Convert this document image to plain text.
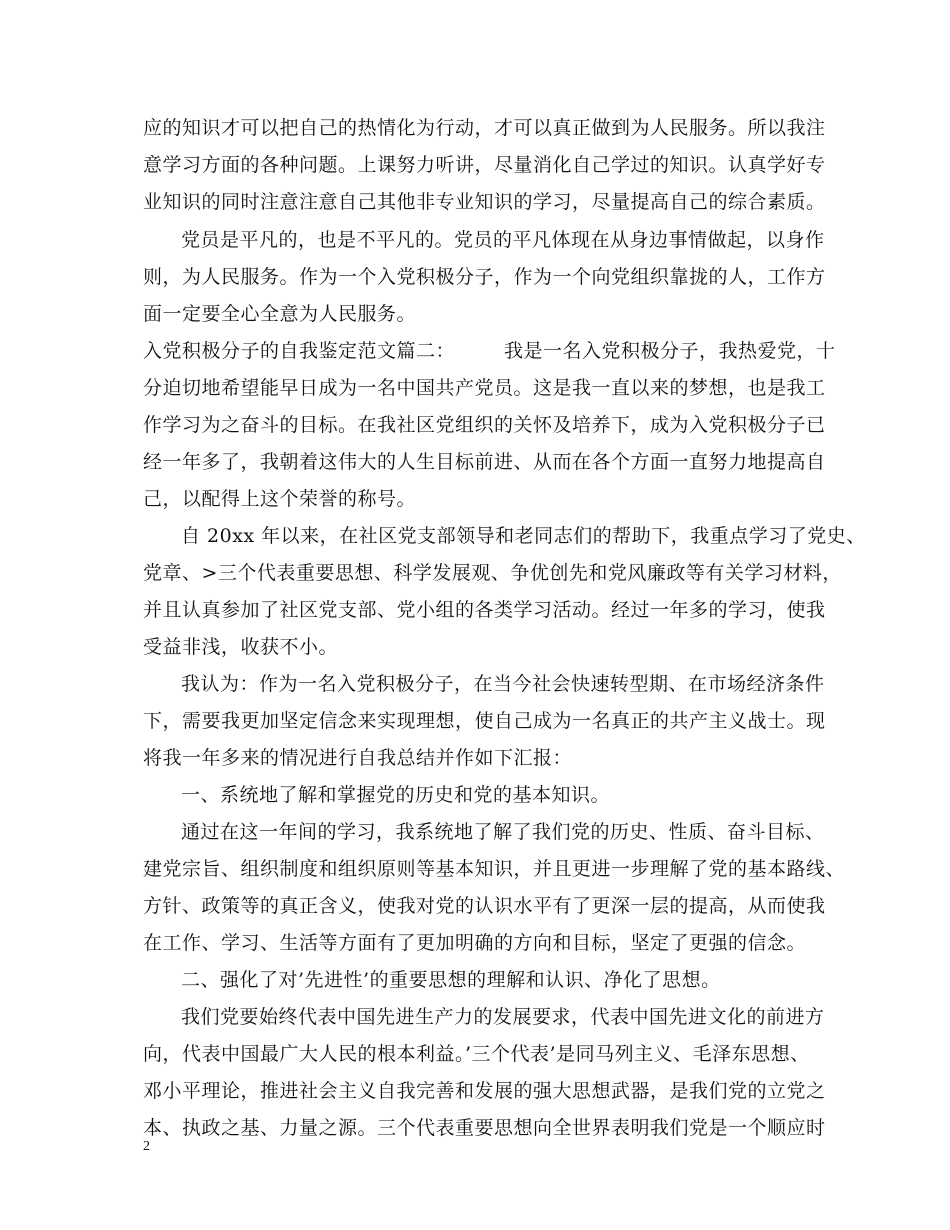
应的知识才可以把自己的热情化为行动，才可以真正做到为人民服务。所以我注
意学习方面的各种问题。上课努力听讲，尽量消化自己学过的知识。认真学好专
业知识的同时注意注意自己其他非专业知识的学习，尽量提高自己的综合素质。
党员是平凡的，也是不平凡的。党员的平凡体现在从身边事情做起，以身作
则，为人民服务。作为一个入党积极分子，作为一个向党组织靠拢的人，工作方
面一定要全心全意为人民服务。
入党积极分子的自我鉴定范文篇二：　　　我是一名入党积极分子，我热爱党，十
分迫切地希望能早日成为一名中国共产党员。这是我一直以来的梦想，也是我工
作学习为之奋斗的目标。在我社区党组织的关怀及培养下，成为入党积极分子已
经一年多了，我朝着这伟大的人生目标前进、从而在各个方面一直努力地提高自
己，以配得上这个荣誉的称号。
自 20xx 年以来，在社区党支部领导和老同志们的帮助下，我重点学习了党史、
党章、>三个代表重要思想、科学发展观、争优创先和党风廉政等有关学习材料，
并且认真参加了社区党支部、党小组的各类学习活动。经过一年多的学习，使我
受益非浅，收获不小。
我认为：作为一名入党积极分子，在当今社会快速转型期、在市场经济条件
下，需要我更加坚定信念来实现理想，使自己成为一名真正的共产主义战士。现
将我一年多来的情况进行自我总结并作如下汇报：
一、系统地了解和掌握党的历史和党的基本知识。
通过在这一年间的学习，我系统地了解了我们党的历史、性质、奋斗目标、
建党宗旨、组织制度和组织原则等基本知识，并且更进一步理解了党的基本路线、
方针、政策等的真正含义，使我对党的认识水平有了更深一层的提高，从而使我
在工作、学习、生活等方面有了更加明确的方向和目标，坚定了更强的信念。
二、强化了对’先进性’的重要思想的理解和认识、净化了思想。
我们党要始终代表中国先进生产力的发展要求，代表中国先进文化的前进方
向，代表中国最广大人民的根本利益。’三个代表’是同马列主义、毛泽东思想、
邓小平理论，推进社会主义自我完善和发展的强大思想武器，是我们党的立党之
本、执政之基、力量之源。三个代表重要思想向全世界表明我们党是一个顺应时
2
